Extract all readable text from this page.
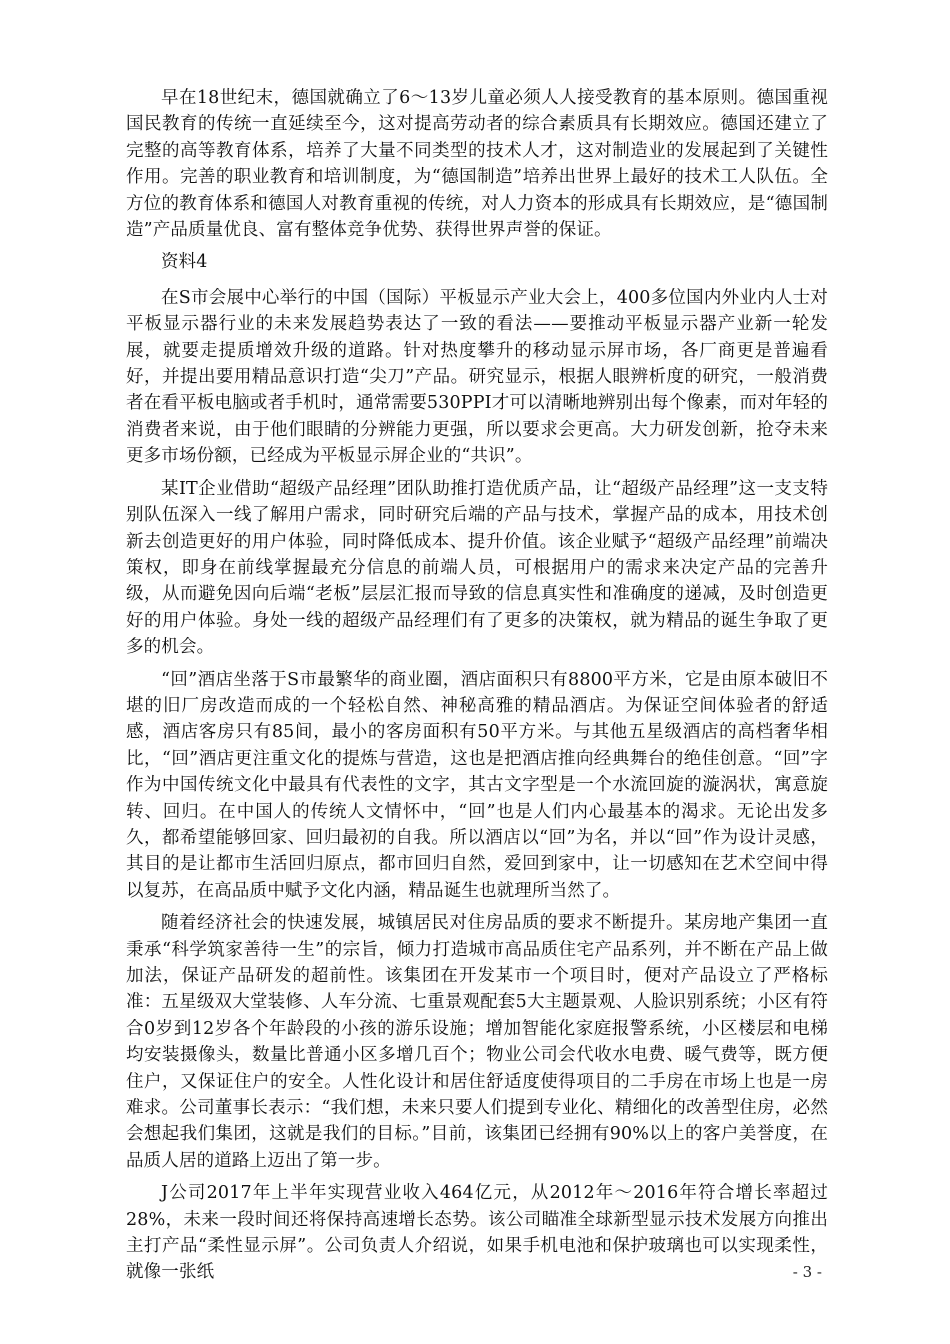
早在18世纪末，德国就确立了6～13岁儿童必须人人接受教育的基本原则。德国重视国民教育的传统一直延续至今，这对提高劳动者的综合素质具有长期效应。德国还建立了完整的高等教育体系，培养了大量不同类型的技术人才，这对制造业的发展起到了关键性作用。完善的职业教育和培训制度，为“德国制造”培养出世界上最好的技术工人队伍。全方位的教育体系和德国人对教育重视的传统，对人力资本的形成具有长期效应，是“德国制造”产品质量优良、富有整体竞争优势、获得世界声誉的保证。

资料4

在S市会展中心举行的中国（国际）平板显示产业大会上，400多位国内外业内人士对平板显示器行业的未来发展趋势表达了一致的看法——要推动平板显示器产业新一轮发展，就要走提质增效升级的道路。针对热度攀升的移动显示屏市场，各厂商更是普遍看好，并提出要用精品意识打造“尖刀”产品。研究显示，根据人眼辨析度的研究，一般消费者在看平板电脑或者手机时，通常需要530PPI才可以清晰地辨别出每个像素，而对年轻的消费者来说，由于他们眼睛的分辨能力更强，所以要求会更高。大力研发创新，抢夺未来更多市场份额，已经成为平板显示屏企业的“共识”。

某IT企业借助“超级产品经理”团队助推打造优质产品，让“超级产品经理”这一支支特别队伍深入一线了解用户需求，同时研究后端的产品与技术，掌握产品的成本，用技术创新去创造更好的用户体验，同时降低成本、提升价值。该企业赋予“超级产品经理”前端决策权，即身在前线掌握最充分信息的前端人员，可根据用户的需求来决定产品的完善升级，从而避免因向后端“老板”层层汇报而导致的信息真实性和准确度的递减，及时创造更好的用户体验。身处一线的超级产品经理们有了更多的决策权，就为精品的诞生争取了更多的机会。

“回”酒店坐落于S市最繁华的商业圈，酒店面积只有8800平方米，它是由原本破旧不堪的旧厂房改造而成的一个轻松自然、神秘高雅的精品酒店。为保证空间体验者的舒适感，酒店客房只有85间，最小的客房面积有50平方米。与其他五星级酒店的高档奢华相比，“回”酒店更注重文化的提炼与营造，这也是把酒店推向经典舞台的绝佳创意。“回”字作为中国传统文化中最具有代表性的文字，其古文字型是一个水流回旋的漩涡状，寓意旋转、回归。在中国人的传统人文情怀中，“回”也是人们内心最基本的渴求。无论出发多久，都希望能够回家、回归最初的自我。所以酒店以“回”为名，并以“回”作为设计灵感，其目的是让都市生活回归原点，都市回归自然，爱回到家中，让一切感知在艺术空间中得以复苏，在高品质中赋予文化内涵，精品诞生也就理所当然了。

随着经济社会的快速发展，城镇居民对住房品质的要求不断提升。某房地产集团一直秉承“科学筑家善待一生”的宗旨，倾力打造城市高品质住宅产品系列，并不断在产品上做加法，保证产品研发的超前性。该集团在开发某市一个项目时，便对产品设立了严格标准：五星级双大堂装修、人车分流、七重景观配套5大主题景观、人脸识别系统；小区有符合0岁到12岁各个年龄段的小孩的游乐设施；增加智能化家庭报警系统，小区楼层和电梯均安装摄像头，数量比普通小区多增几百个；物业公司会代收水电费、暖气费等，既方便住户，又保证住户的安全。人性化设计和居住舒适度使得项目的二手房在市场上也是一房难求。公司董事长表示：“我们想，未来只要人们提到专业化、精细化的改善型住房，必然会想起我们集团，这就是我们的目标。”目前，该集团已经拥有90%以上的客户美誉度，在品质人居的道路上迈出了第一步。

J公司2017年上半年实现营业收入464亿元，从2012年～2016年符合增长率超过28%，未来一段时间还将保持高速增长态势。该公司瞄准全球新型显示技术发展方向推出主打产品“柔性显示屏”。公司负责人介绍说，如果手机电池和保护玻璃也可以实现柔性，就像一张纸	- 3 -
